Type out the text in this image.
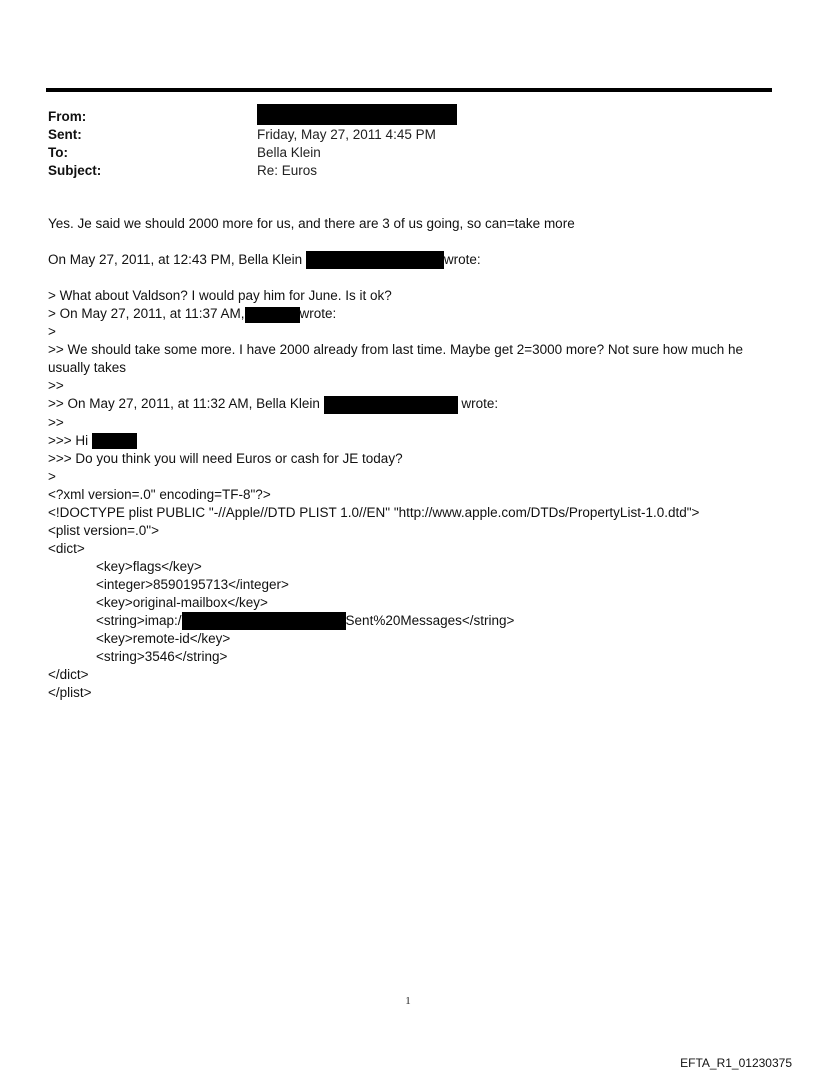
From:
Sent:	Friday, May 27, 2011 4:45 PM
To:	Bella Klein
Subject:	Re: Euros
Yes. Je said we should 2000 more for us, and there are 3 of us going, so can=take more
On May 27, 2011, at 12:43 PM, Bella Klein	wrote:
> What about Valdson? I would pay him for June. Is it ok?
> On May 27, 2011, at 11:37 AM,	wrote:
>
>> We should take some more. I have 2000 already from last time. Maybe get 2=3000 more? Not sure how much he usually takes
>>
>> On May 27, 2011, at 11:32 AM, Bella Klein	wrote:
>>
>>> Hi
>>> Do you think you will need Euros or cash for JE today?
>
<?xml version=.0" encoding=TF-8"?>
<!DOCTYPE plist PUBLIC "-//Apple//DTD PLIST 1.0//EN" "http://www.apple.com/DTDs/PropertyList-1.0.dtd">
<plist version=.0">
<dict>
<key>flags</key>
<integer>8590195713</integer>
<key>original-mailbox</key>
<string>imap:/	Sent%20Messages</string>
<key>remote-id</key>
<string>3546</string>
</dict>
</plist>
1
EFTA_R1_01230375
